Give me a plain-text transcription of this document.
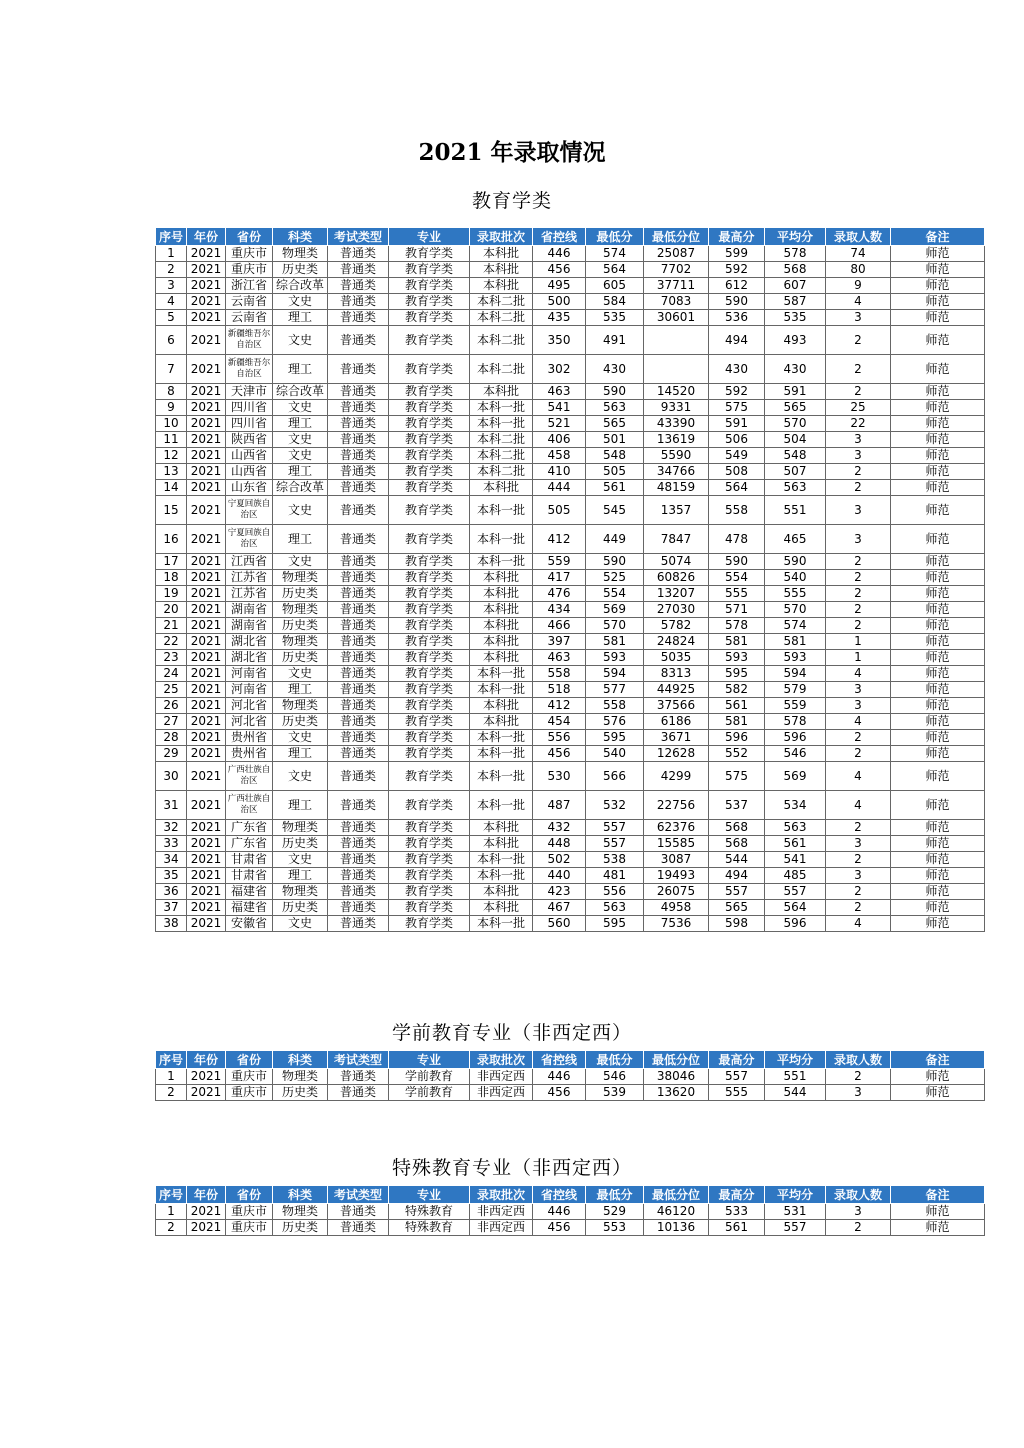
2021 年录取情况
教育学类
序号	年份	省份	科类	考试类型	专业	录取批次	省控线	最低分	最低分位	最高分	平均分	录取人数	备注
1	2021	重庆市	物理类	普通类	教育学类	本科批	446	574	25087	599	578	74	师范
2	2021	重庆市	历史类	普通类	教育学类	本科批	456	564	7702	592	568	80	师范
3	2021	浙江省	综合改革	普通类	教育学类	本科批	495	605	37711	612	607	9	师范
4	2021	云南省	文史	普通类	教育学类	本科二批	500	584	7083	590	587	4	师范
5	2021	云南省	理工	普通类	教育学类	本科二批	435	535	30601	536	535	3	师范
6	2021	新疆维吾尔自治区	文史	普通类	教育学类	本科二批	350	491		494	493	2	师范
7	2021	新疆维吾尔自治区	理工	普通类	教育学类	本科二批	302	430		430	430	2	师范
8	2021	天津市	综合改革	普通类	教育学类	本科批	463	590	14520	592	591	2	师范
9	2021	四川省	文史	普通类	教育学类	本科一批	541	563	9331	575	565	25	师范
10	2021	四川省	理工	普通类	教育学类	本科一批	521	565	43390	591	570	22	师范
11	2021	陕西省	文史	普通类	教育学类	本科二批	406	501	13619	506	504	3	师范
12	2021	山西省	文史	普通类	教育学类	本科二批	458	548	5590	549	548	3	师范
13	2021	山西省	理工	普通类	教育学类	本科二批	410	505	34766	508	507	2	师范
14	2021	山东省	综合改革	普通类	教育学类	本科批	444	561	48159	564	563	2	师范
15	2021	宁夏回族自治区	文史	普通类	教育学类	本科一批	505	545	1357	558	551	3	师范
16	2021	宁夏回族自治区	理工	普通类	教育学类	本科一批	412	449	7847	478	465	3	师范
17	2021	江西省	文史	普通类	教育学类	本科一批	559	590	5074	590	590	2	师范
18	2021	江苏省	物理类	普通类	教育学类	本科批	417	525	60826	554	540	2	师范
19	2021	江苏省	历史类	普通类	教育学类	本科批	476	554	13207	555	555	2	师范
20	2021	湖南省	物理类	普通类	教育学类	本科批	434	569	27030	571	570	2	师范
21	2021	湖南省	历史类	普通类	教育学类	本科批	466	570	5782	578	574	2	师范
22	2021	湖北省	物理类	普通类	教育学类	本科批	397	581	24824	581	581	1	师范
23	2021	湖北省	历史类	普通类	教育学类	本科批	463	593	5035	593	593	1	师范
24	2021	河南省	文史	普通类	教育学类	本科一批	558	594	8313	595	594	4	师范
25	2021	河南省	理工	普通类	教育学类	本科一批	518	577	44925	582	579	3	师范
26	2021	河北省	物理类	普通类	教育学类	本科批	412	558	37566	561	559	3	师范
27	2021	河北省	历史类	普通类	教育学类	本科批	454	576	6186	581	578	4	师范
28	2021	贵州省	文史	普通类	教育学类	本科一批	556	595	3671	596	596	2	师范
29	2021	贵州省	理工	普通类	教育学类	本科一批	456	540	12628	552	546	2	师范
30	2021	广西壮族自治区	文史	普通类	教育学类	本科一批	530	566	4299	575	569	4	师范
31	2021	广西壮族自治区	理工	普通类	教育学类	本科一批	487	532	22756	537	534	4	师范
32	2021	广东省	物理类	普通类	教育学类	本科批	432	557	62376	568	563	2	师范
33	2021	广东省	历史类	普通类	教育学类	本科批	448	557	15585	568	561	3	师范
34	2021	甘肃省	文史	普通类	教育学类	本科一批	502	538	3087	544	541	2	师范
35	2021	甘肃省	理工	普通类	教育学类	本科一批	440	481	19493	494	485	3	师范
36	2021	福建省	物理类	普通类	教育学类	本科批	423	556	26075	557	557	2	师范
37	2021	福建省	历史类	普通类	教育学类	本科批	467	563	4958	565	564	2	师范
38	2021	安徽省	文史	普通类	教育学类	本科一批	560	595	7536	598	596	4	师范
学前教育专业（非西定西）
序号	年份	省份	科类	考试类型	专业	录取批次	省控线	最低分	最低分位	最高分	平均分	录取人数	备注
1	2021	重庆市	物理类	普通类	学前教育	非西定西	446	546	38046	557	551	2	师范
2	2021	重庆市	历史类	普通类	学前教育	非西定西	456	539	13620	555	544	3	师范
特殊教育专业（非西定西）
序号	年份	省份	科类	考试类型	专业	录取批次	省控线	最低分	最低分位	最高分	平均分	录取人数	备注
1	2021	重庆市	物理类	普通类	特殊教育	非西定西	446	529	46120	533	531	3	师范
2	2021	重庆市	历史类	普通类	特殊教育	非西定西	456	553	10136	561	557	2	师范
